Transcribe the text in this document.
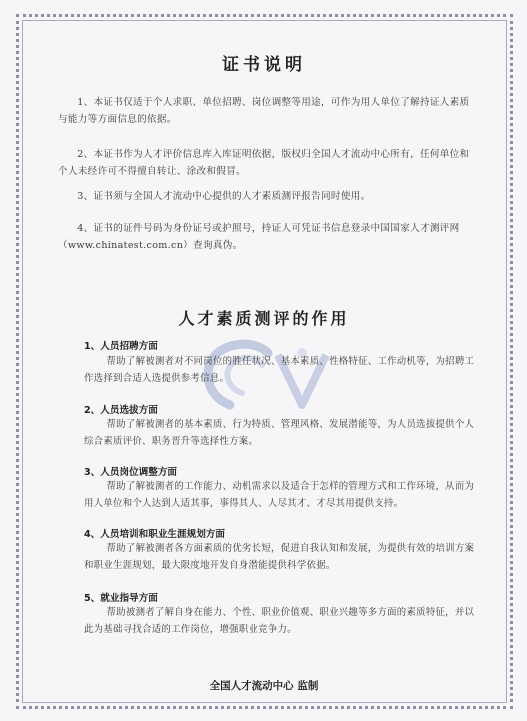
证书说明

1、本证书仅适于个人求职、单位招聘、岗位调整等用途，可作为用人单位了解持证人素质与能力等方面信息的依据。

2、本证书作为人才评价信息库入库证明依据，版权归全国人才流动中心所有，任何单位和个人未经许可不得擅自转让、涂改和假冒。

3、证书须与全国人才流动中心提供的人才素质测评报告同时使用。

4、证书的证件号码为身份证号或护照号，持证人可凭证书信息登录中国国家人才测评网（www.chinatest.com.cn）查询真伪。

人才素质测评的作用

1、人员招聘方面

帮助了解被测者对不同岗位的胜任状况、基本素质、性格特征、工作动机等，为招聘工作选择到合适人选提供参考信息。

2、人员选拔方面

帮助了解被测者的基本素质、行为特质、管理风格、发展潜能等，为人员选拔提供个人综合素质评价、职务晋升等选择性方案。

3、人员岗位调整方面

帮助了解被测者的工作能力、动机需求以及适合于怎样的管理方式和工作环境，从而为用人单位和个人达到人适其事，事得其人、人尽其才、才尽其用提供支持。

4、人员培训和职业生涯规划方面

帮助了解被测者各方面素质的优劣长短，促进自我认知和发展，为提供有效的培训方案和职业生涯规划，最大限度地开发自身潜能提供科学依据。

5、就业指导方面

帮助被测者了解自身在能力、个性、职业价值观、职业兴趣等多方面的素质特征，并以此为基础寻找合适的工作岗位，增强职业竞争力。

全国人才流动中心 监制
